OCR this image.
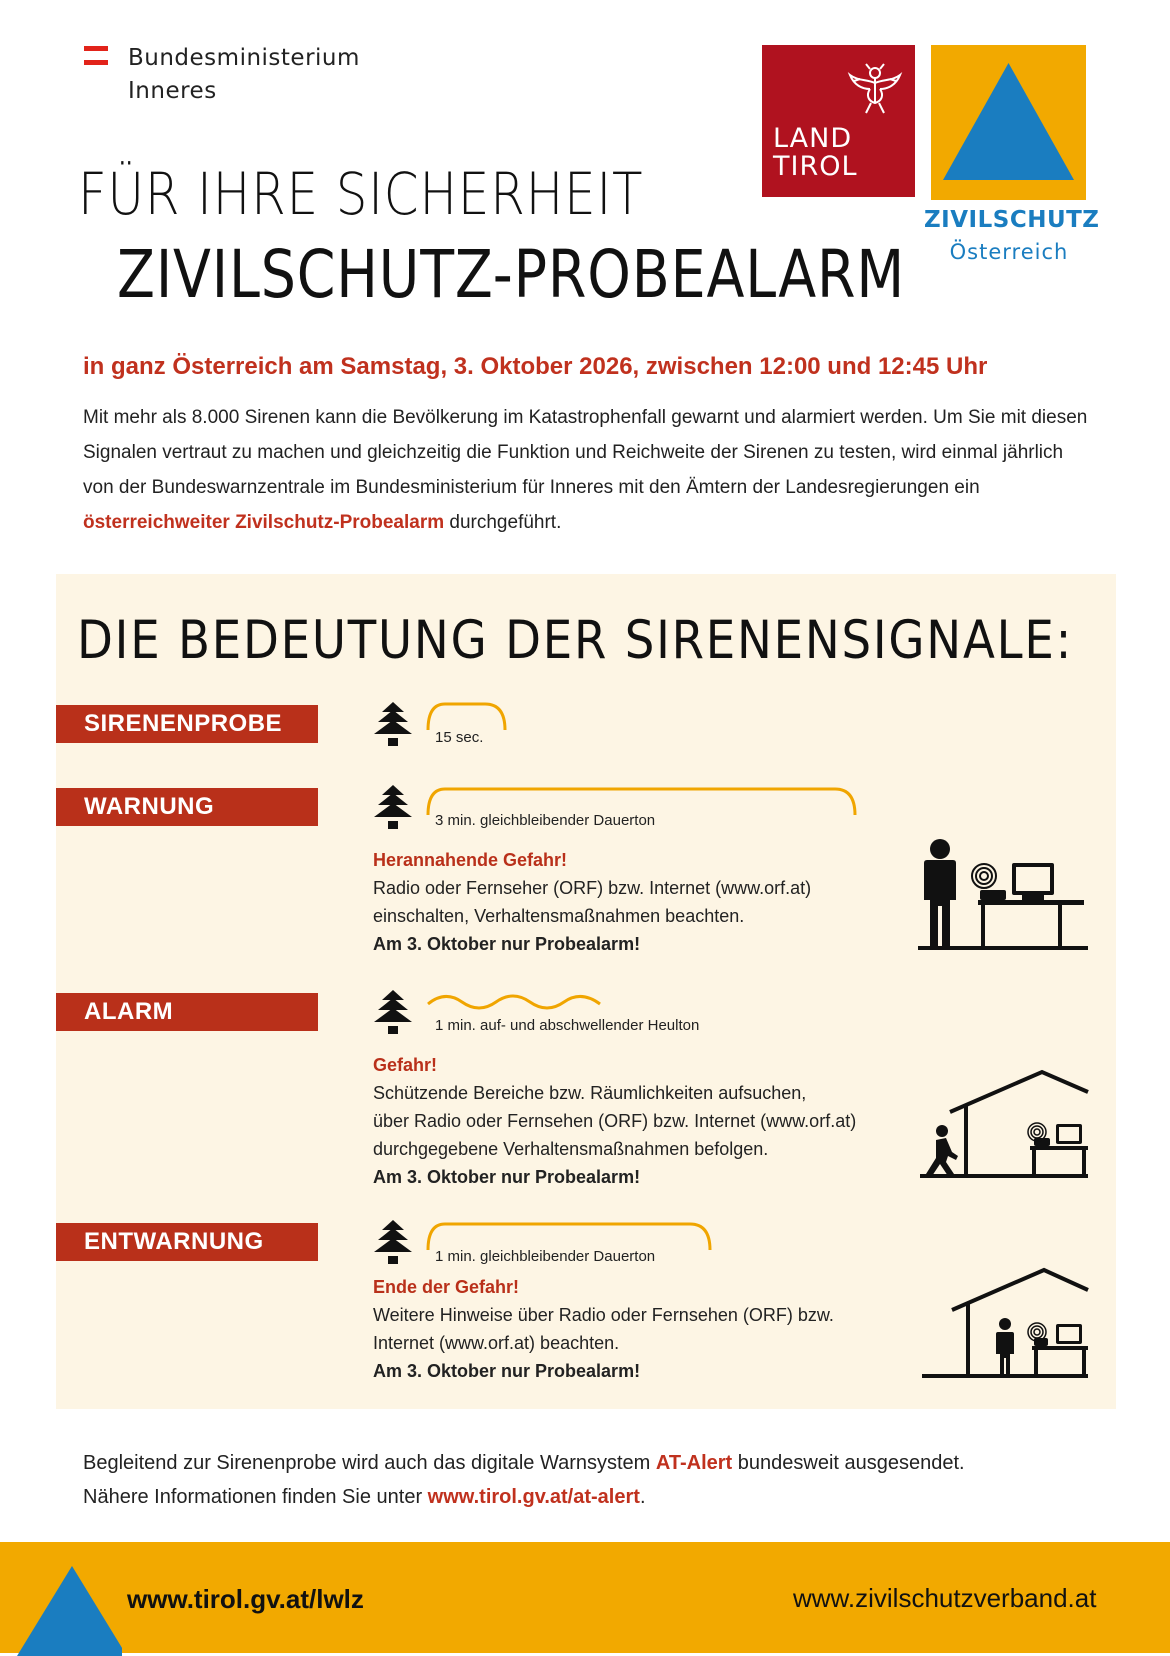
Bundesministerium
Inneres
LAND
TIROL
ZIVILSCHUTZ
Österreich
FÜR IHRE SICHERHEIT
ZIVILSCHUTZ-PROBEALARM
in ganz Österreich am Samstag, 3. Oktober 2026, zwischen 12:00 und 12:45 Uhr
Mit mehr als 8.000 Sirenen kann die Bevölkerung im Katastrophenfall gewarnt und alarmiert werden. Um Sie mit diesen Signalen vertraut zu machen und gleichzeitig die Funktion und Reichweite der Sirenen zu testen, wird einmal jährlich von der Bundeswarnzentrale im Bundesministerium für Inneres mit den Ämtern der Landesregierungen ein österreichweiter Zivilschutz-Probealarm durchgeführt.
DIE BEDEUTUNG DER SIRENENSIGNALE:
SIRENENPROBE
15 sec.
WARNUNG
3 min. gleichbleibender Dauerton
Herannahende Gefahr!
Radio oder Fernseher (ORF) bzw. Internet (www.orf.at)
einschalten, Verhaltensmaßnahmen beachten.
Am 3. Oktober nur Probealarm!
ALARM
1 min. auf- und abschwellender Heulton
Gefahr!
Schützende Bereiche bzw. Räumlichkeiten aufsuchen,
über Radio oder Fernsehen (ORF) bzw. Internet (www.orf.at)
durchgegebene Verhaltensmaßnahmen befolgen.
Am 3. Oktober nur Probealarm!
ENTWARNUNG
1 min. gleichbleibender Dauerton
Ende der Gefahr!
Weitere Hinweise über Radio oder Fernsehen (ORF) bzw.
Internet (www.orf.at) beachten.
Am 3. Oktober nur Probealarm!
Begleitend zur Sirenenprobe wird auch das digitale Warnsystem AT-Alert bundesweit ausgesendet.
Nähere Informationen finden Sie unter www.tirol.gv.at/at-alert.
www.tirol.gv.at/lwlz	www.zivilschutzverband.at
